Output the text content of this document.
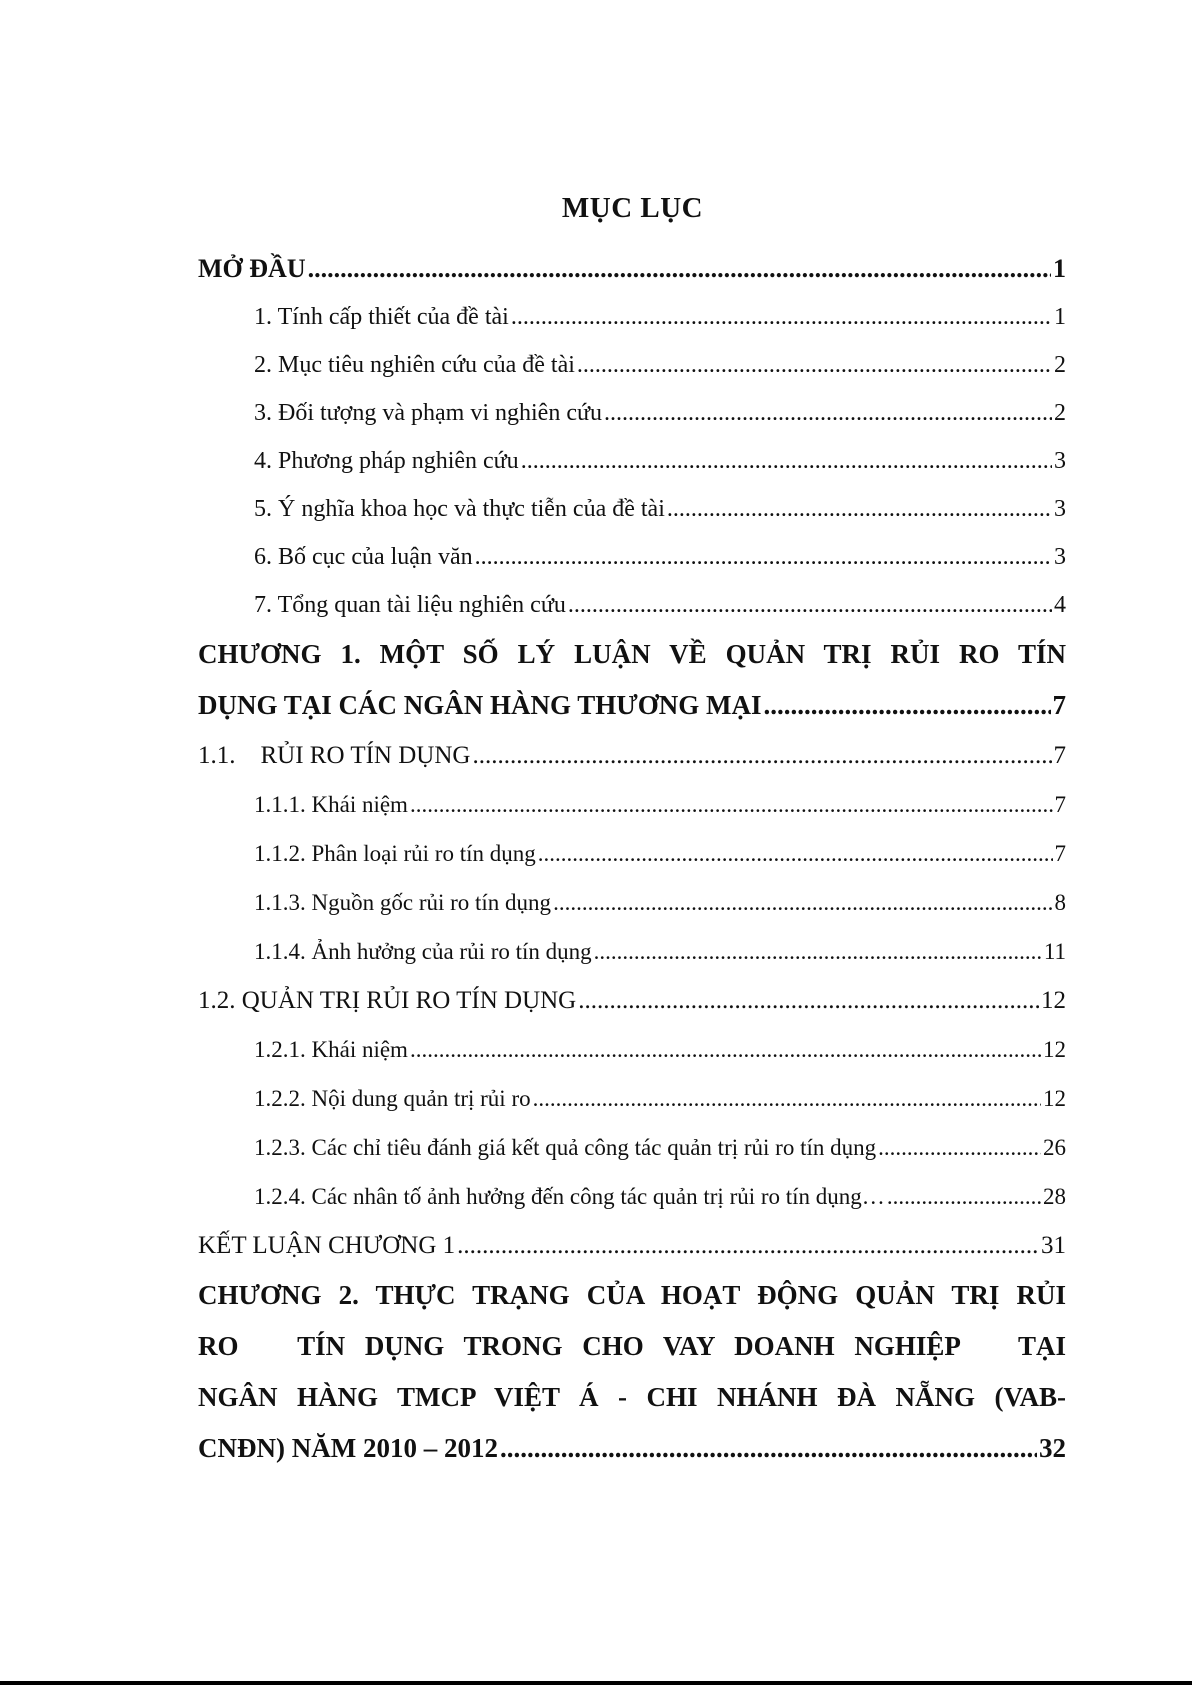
MỤC LỤC
MỞ ĐẦU .....	1
1. Tính cấp thiết của đề tài .....	1
2. Mục tiêu nghiên cứu của đề tài .....	2
3. Đối tượng và phạm vi nghiên cứu .....	2
4. Phương pháp nghiên cứu .....	3
5. Ý nghĩa khoa học và thực tiễn của đề tài .....	3
6. Bố cục của luận văn .....	3
7. Tổng quan tài liệu nghiên cứu .....	4
CHƯƠNG 1. MỘT SỐ LÝ LUẬN VỀ QUẢN TRỊ RỦI RO TÍN
DỤNG TẠI CÁC NGÂN HÀNG THƯƠNG MẠI .....	7
1.1.    RỦI RO TÍN DỤNG .....	7
1.1.1. Khái niệm .....	7
1.1.2. Phân loại rủi ro tín dụng .....	7
1.1.3. Nguồn gốc rủi ro tín dụng .....	8
1.1.4. Ảnh hưởng của rủi ro tín dụng .....	11
1.2. QUẢN TRỊ RỦI RO TÍN DỤNG .....	12
1.2.1. Khái niệm .....	12
1.2.2. Nội dung quản trị rủi ro .....	12
1.2.3. Các chỉ tiêu đánh giá kết quả công tác quản trị rủi ro tín dụng .....	26
1.2.4. Các nhân tố ảnh hưởng đến công tác quản trị rủi ro tín dụng… .....	28
KẾT LUẬN CHƯƠNG 1 .....	31
CHƯƠNG 2. THỰC TRẠNG CỦA HOẠT ĐỘNG QUẢN TRỊ RỦI
RO   TÍN DỤNG TRONG CHO VAY DOANH NGHIỆP   TẠI
NGÂN HÀNG TMCP VIỆT Á - CHI NHÁNH ĐÀ NẴNG (VAB-
CNĐN) NĂM 2010 – 2012 .....	32
